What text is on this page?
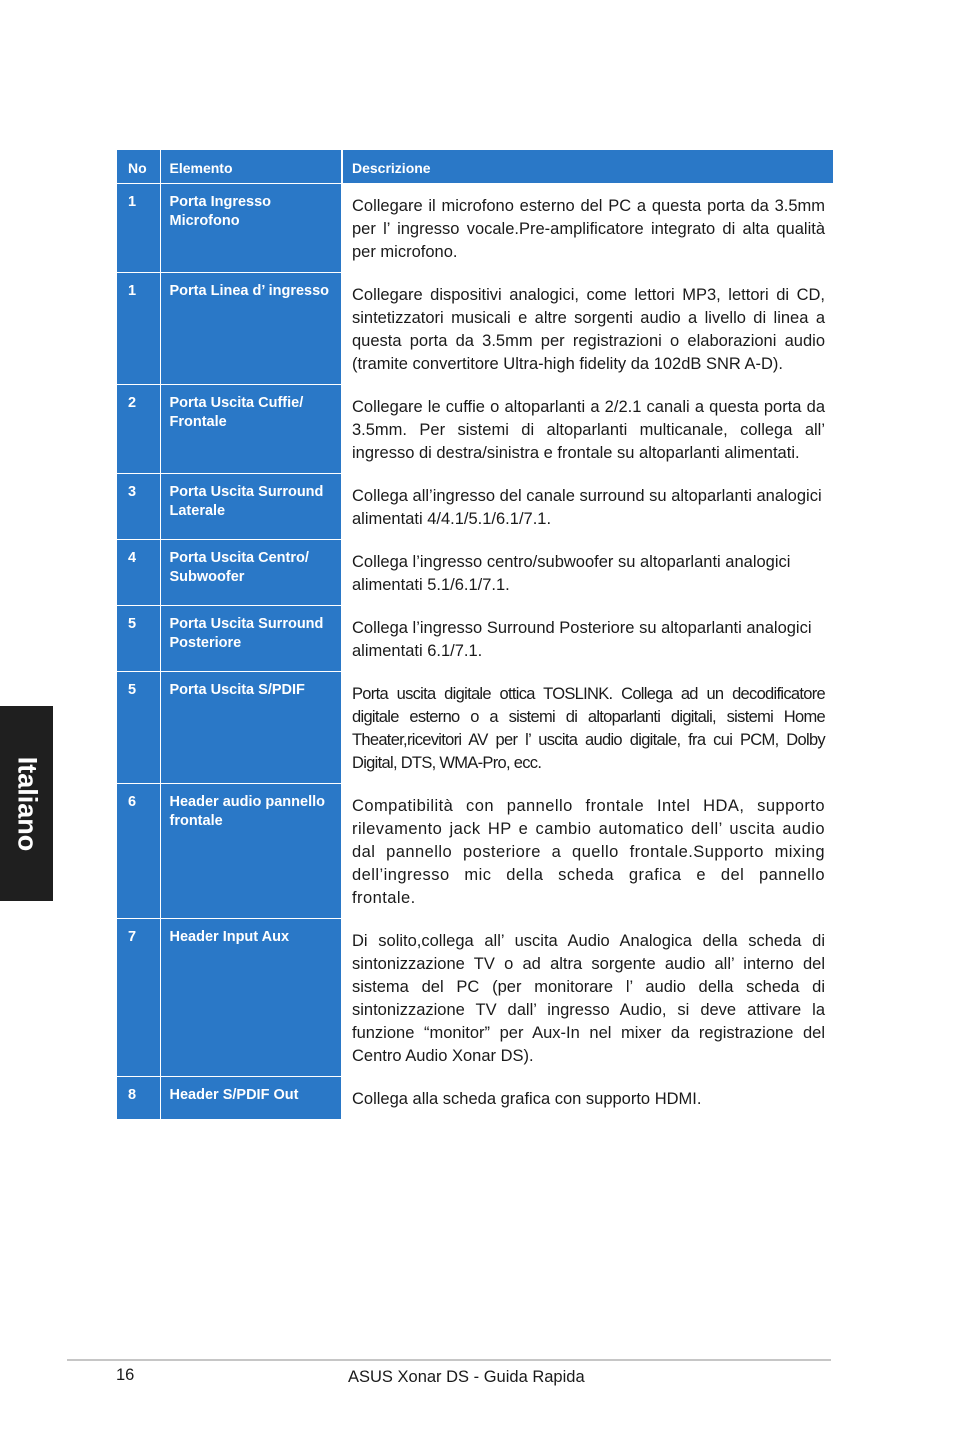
No	Elemento	Descrizione
1	Porta Ingresso Microfono	Collegare il microfono esterno del PC a questa porta da 3.5mm per l’ ingresso vocale.Pre-amplificatore integrato di alta qualità per microfono.
1	Porta Linea d’ ingresso	Collegare dispositivi analogici, come lettori MP3, lettori di CD, sintetizzatori musicali e altre sorgenti audio a livello di linea a questa porta da 3.5mm per registrazioni o elaborazioni audio (tramite convertitore Ultra-high fidelity da 102dB SNR A-D).
2	Porta Uscita Cuffie/ Frontale	Collegare le cuffie o altoparlanti a 2/2.1 canali a questa porta da 3.5mm. Per sistemi di altoparlanti multicanale, collega all’ ingresso di destra/sinistra e frontale su altoparlanti alimentati.
3	Porta Uscita Surround Laterale	Collega all’ingresso del canale surround su altoparlanti analogici alimentati 4/4.1/5.1/6.1/7.1.
4	Porta Uscita Centro/ Subwoofer	Collega l’ingresso centro/subwoofer su altoparlanti analogici alimentati 5.1/6.1/7.1.
5	Porta Uscita Surround Posteriore	Collega l’ingresso Surround Posteriore su altoparlanti analogici alimentati 6.1/7.1.
5	Porta Uscita S/PDIF	Porta uscita digitale ottica TOSLINK. Collega ad un decodificatore digitale esterno o a sistemi di altoparlanti digitali, sistemi Home Theater,ricevitori AV per l’ uscita audio digitale, fra cui PCM, Dolby Digital, DTS, WMA-Pro, ecc.
6	Header audio pannello frontale	Compatibilità con pannello frontale Intel HDA, supporto rilevamento jack HP e cambio automatico dell’ uscita audio dal pannello posteriore a quello frontale.Supporto mixing dell’ingresso mic della scheda grafica e del pannello frontale.
7	Header Input Aux	Di solito,collega all’ uscita Audio Analogica della scheda di sintonizzazione TV o ad altra sorgente audio all’ interno del sistema del PC (per monitorare l’ audio della scheda di sintonizzazione TV dall’ ingresso Audio, si deve attivare la funzione “monitor” per Aux-In nel mixer da registrazione del Centro Audio Xonar DS).
8	Header S/PDIF Out	Collega alla scheda grafica con supporto HDMI.
Italiano
16	ASUS Xonar DS - Guida Rapida
